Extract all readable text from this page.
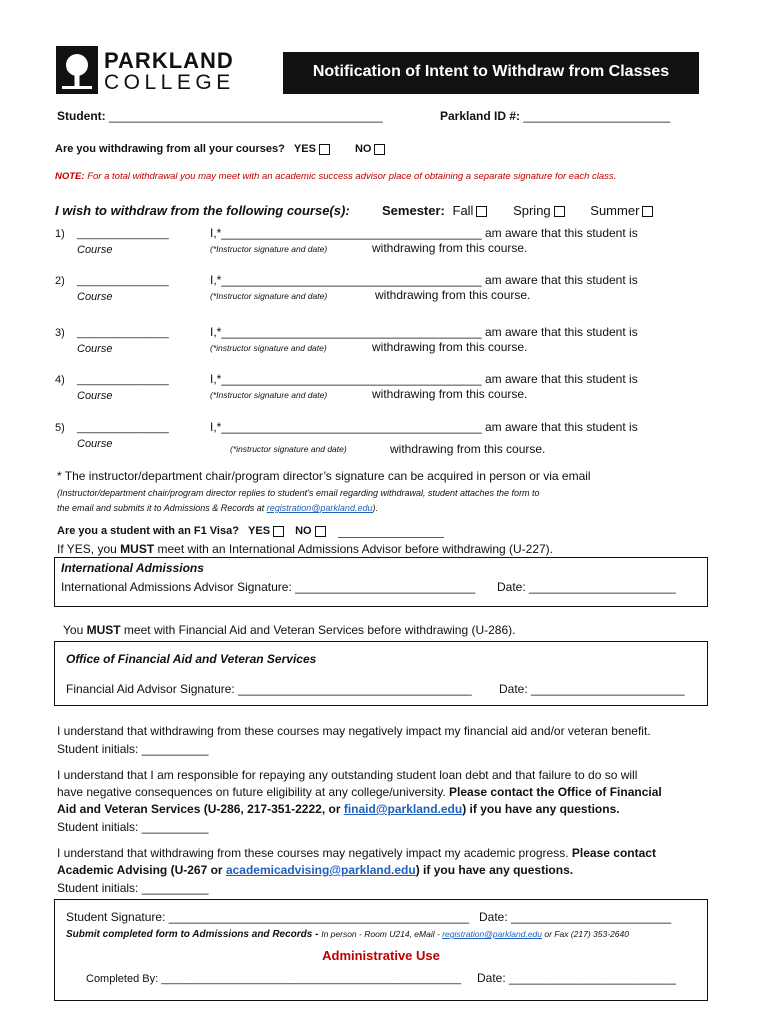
PARKLAND
COLLEGE	Notification of Intent to Withdraw from Classes
Student: _________________________________________	Parkland ID #: ______________________
Are you withdrawing from all your courses? YES	NO
NOTE: For a total withdrawal you may meet with an academic success advisor place of obtaining a separate signature for each class.
I wish to withdraw from the following course(s): Semester: Fall	Spring	Summer
1) _______________
Course
I,*_______________________________________ am aware that this student is
(*Instructor signature and date)	withdrawing from this course.
2) _______________
Course
I,*_______________________________________ am aware that this student is
(*Instructor signature and date)	withdrawing from this course.
3) _______________
Course
I,*_______________________________________ am aware that this student is
(*instructor signature and date)	withdrawing from this course.
4) _______________
Course
I,*_______________________________________ am aware that this student is
(*Instructor signature and date)	withdrawing from this course.
5) _______________
Course
I,*_______________________________________ am aware that this student is
(*instructor signature and date)	withdrawing from this course.
* The instructor/department chair/program director’s signature can be acquired in person or via email
(Instructor/department chair/program director replies to student’s email regarding withdrawal, student attaches the form to
the email and submits it to Admissions & Records at registration@parkland.edu).
Are you a student with an F1 Visa? YES NO
If YES, you MUST meet with an International Admissions Advisor before withdrawing (U-227).
International Admissions
International Admissions Advisor Signature: ___________________________ Date: ______________________
You MUST meet with Financial Aid and Veteran Services before withdrawing (U-286).
Office of Financial Aid and Veteran Services
Financial Aid Advisor Signature: ___________________________________ Date: _______________________
I understand that withdrawing from these courses may negatively impact my financial aid and/or veteran benefit.
Student initials: __________
I understand that I am responsible for repaying any outstanding student loan debt and that failure to do so will
have negative consequences on future eligibility at any college/university. Please contact the Office of Financial
Aid and Veteran Services (U-286, 217-351-2222, or finaid@parkland.edu) if you have any questions.
Student initials: __________
I understand that withdrawing from these courses may negatively impact my academic progress. Please contact
Academic Advising (U-267 or academicadvising@parkland.edu) if you have any questions.
Student initials: __________
Student Signature: _____________________________________________ Date: ________________________
Submit completed form to Admissions and Records - In person - Room U214, eMail - registration@parkland.edu or Fax (217) 353-2640
Administrative Use
Completed By: _________________________________________________ Date: _________________________
